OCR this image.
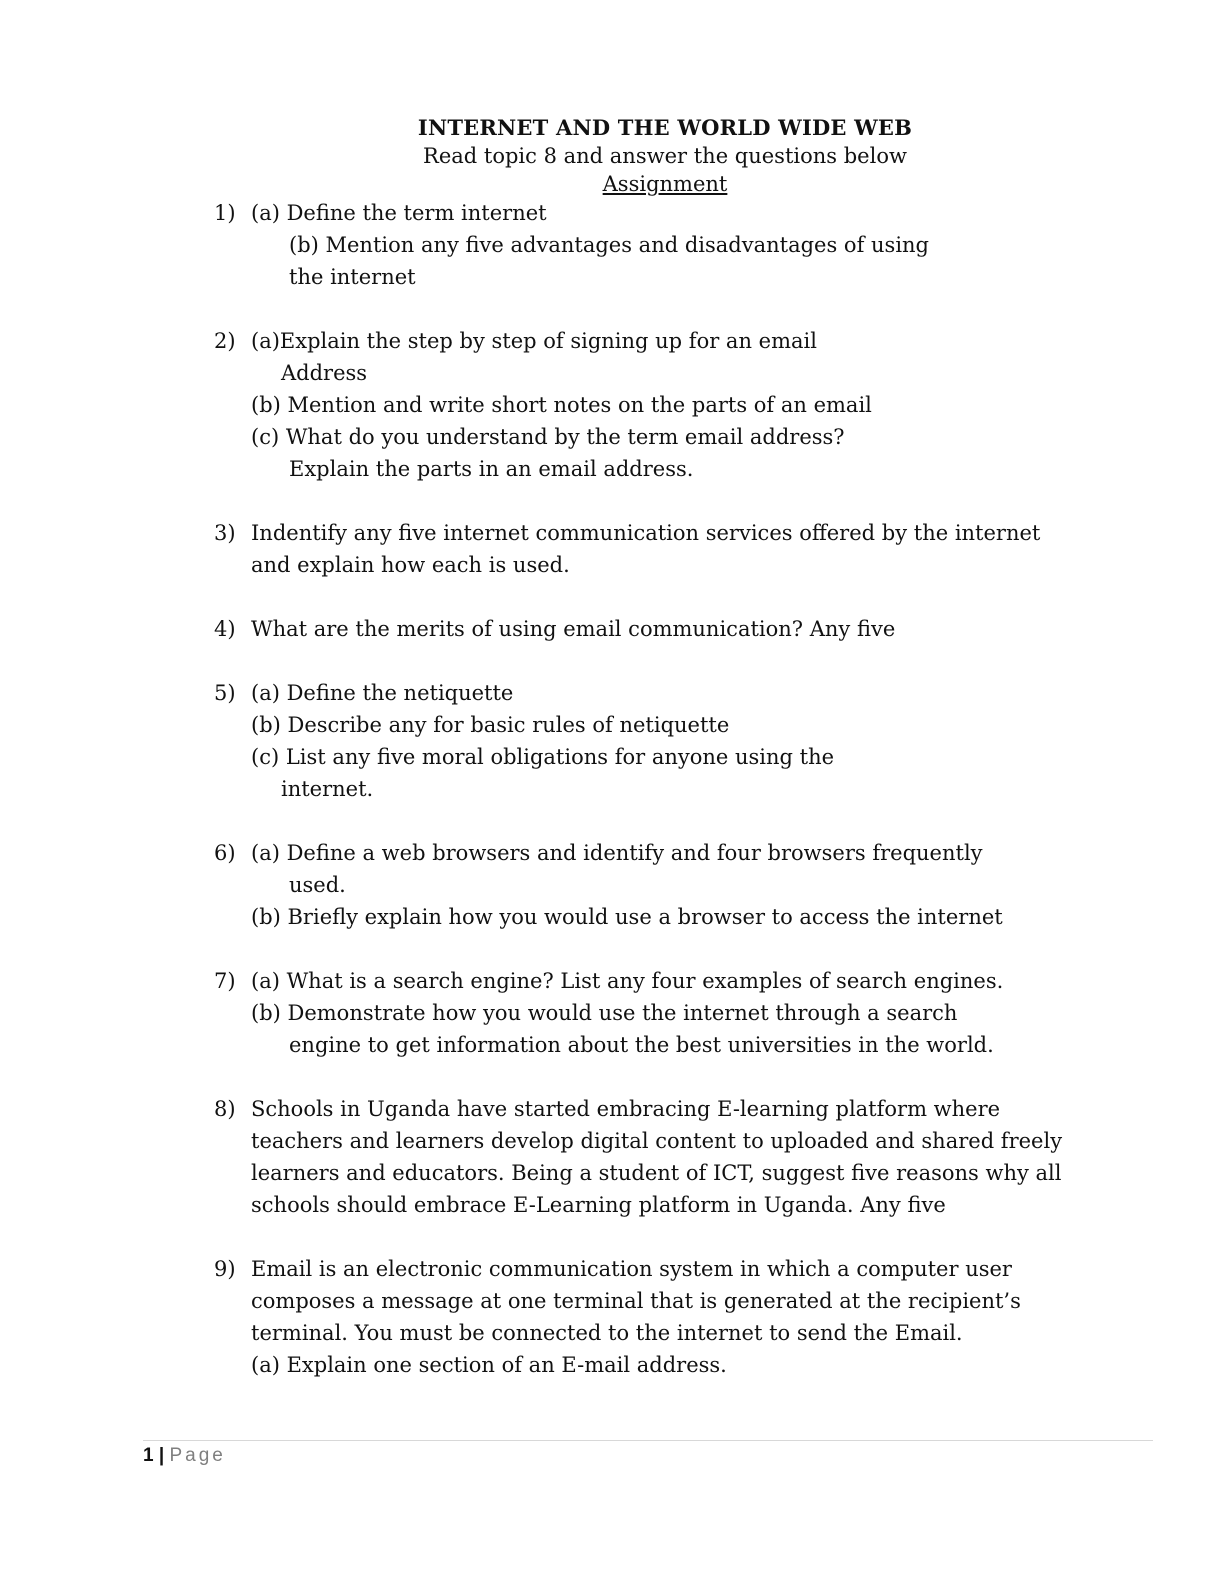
INTERNET AND THE WORLD WIDE WEB
Read topic 8 and answer the questions below
Assignment
1) (a) Define the term internet
(b) Mention any five advantages and disadvantages of using
the internet
2) (a)Explain the step by step of signing up for an email
Address
(b) Mention and write short notes on the parts of an email
(c) What do you understand by the term email address?
Explain the parts in an email address.
3) Indentify any five internet communication services offered by the internet
and explain how each is used.
4) What are the merits of using email communication? Any five
5) (a) Define the netiquette
(b) Describe any for basic rules of netiquette
(c) List any five moral obligations for anyone using the
internet.
6) (a) Define a web browsers and identify and four browsers frequently
used.
(b) Briefly explain how you would use a browser to access the internet
7) (a) What is a search engine? List any four examples of search engines.
(b) Demonstrate how you would use the internet through a search
engine to get information about the best universities in the world.
8) Schools in Uganda have started embracing E-learning platform where
teachers and learners develop digital content to uploaded and shared freely
learners and educators. Being a student of ICT, suggest five reasons why all
schools should embrace E-Learning platform in Uganda. Any five
9) Email is an electronic communication system in which a computer user
composes a message at one terminal that is generated at the recipient’s
terminal. You must be connected to the internet to send the Email.
(a) Explain one section of an E-mail address.
1 | Page
